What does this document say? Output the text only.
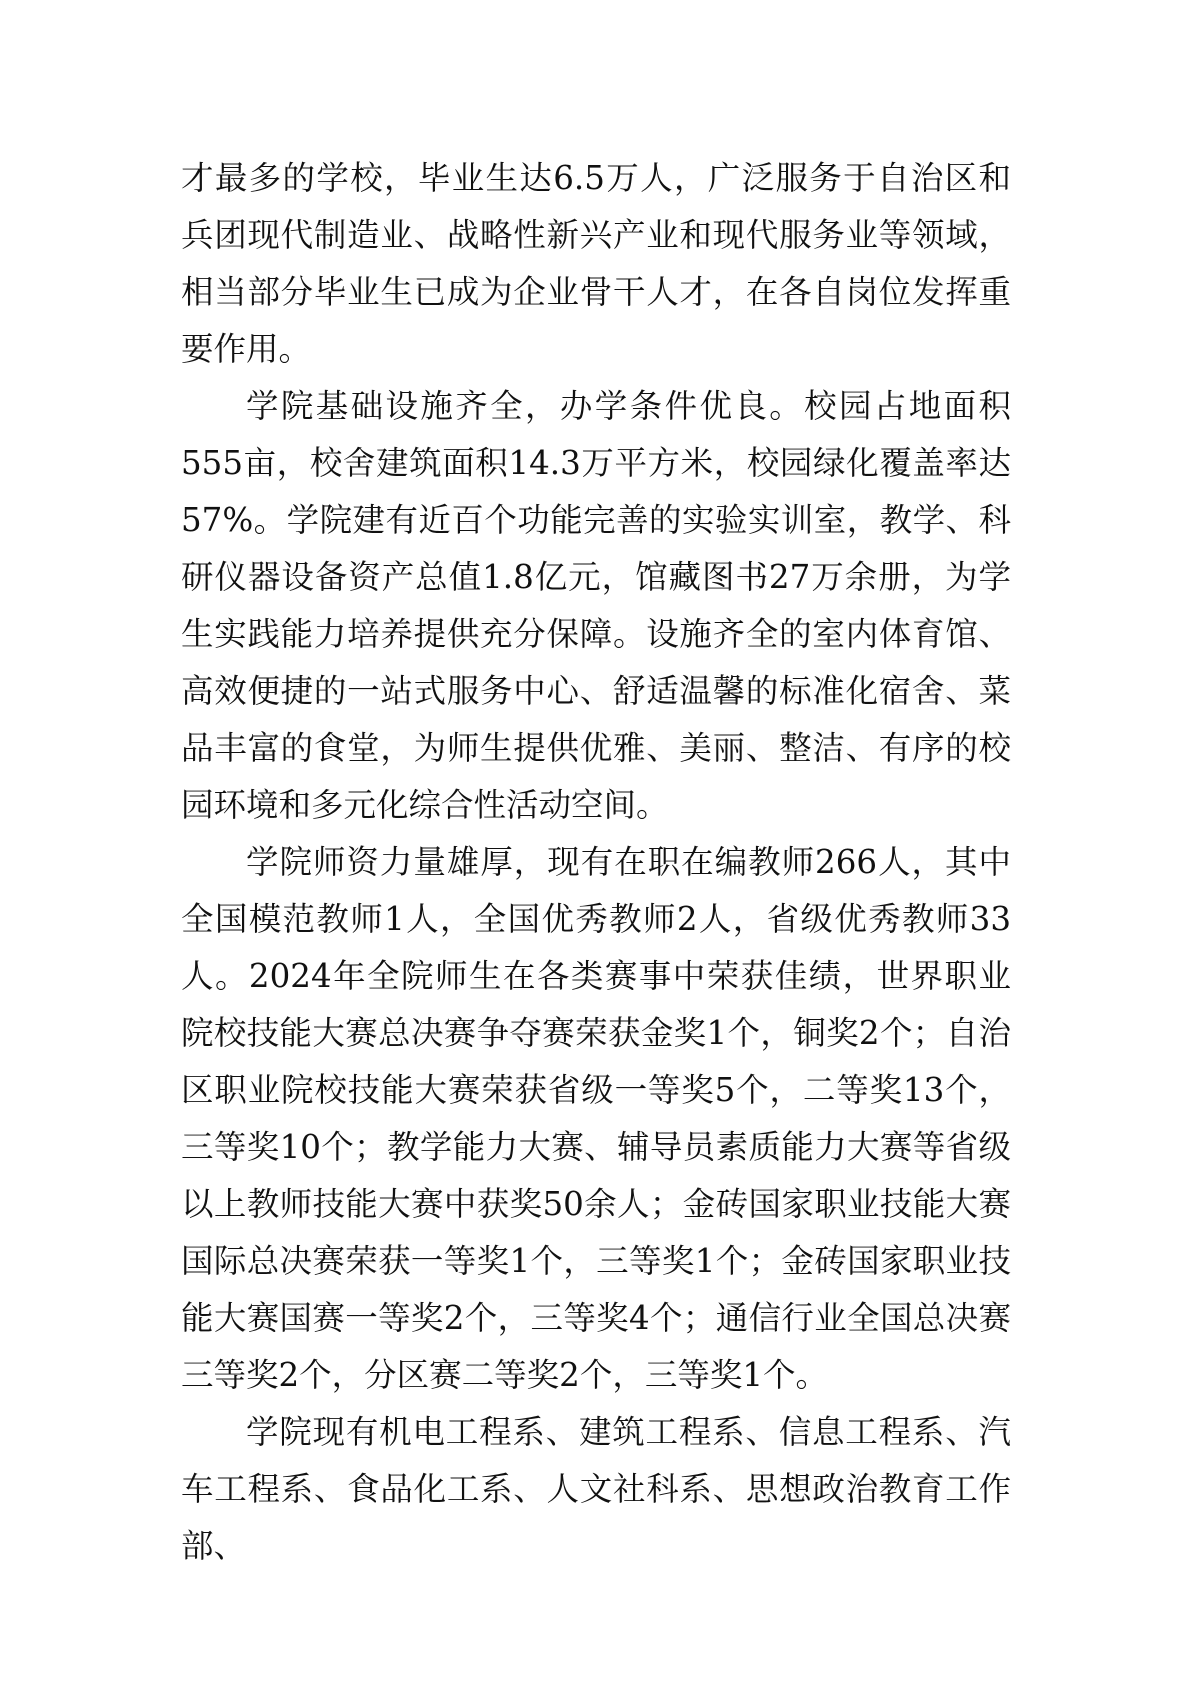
才最多的学校，毕业生达6.5万人，广泛服务于自治区和兵团现代制造业、战略性新兴产业和现代服务业等领域，相当部分毕业生已成为企业骨干人才，在各自岗位发挥重要作用。

学院基础设施齐全，办学条件优良。校园占地面积555亩，校舍建筑面积14.3万平方米，校园绿化覆盖率达57%。学院建有近百个功能完善的实验实训室，教学、科研仪器设备资产总值1.8亿元，馆藏图书27万余册，为学生实践能力培养提供充分保障。设施齐全的室内体育馆、高效便捷的一站式服务中心、舒适温馨的标准化宿舍、菜品丰富的食堂，为师生提供优雅、美丽、整洁、有序的校园环境和多元化综合性活动空间。

学院师资力量雄厚，现有在职在编教师266人，其中全国模范教师1人，全国优秀教师2人，省级优秀教师33人。2024年全院师生在各类赛事中荣获佳绩，世界职业院校技能大赛总决赛争夺赛荣获金奖1个，铜奖2个；自治区职业院校技能大赛荣获省级一等奖5个，二等奖13个，三等奖10个；教学能力大赛、辅导员素质能力大赛等省级以上教师技能大赛中获奖50余人；金砖国家职业技能大赛国际总决赛荣获一等奖1个，三等奖1个；金砖国家职业技能大赛国赛一等奖2个，三等奖4个；通信行业全国总决赛三等奖2个，分区赛二等奖2个，三等奖1个。

学院现有机电工程系、建筑工程系、信息工程系、汽车工程系、食品化工系、人文社科系、思想政治教育工作部、
